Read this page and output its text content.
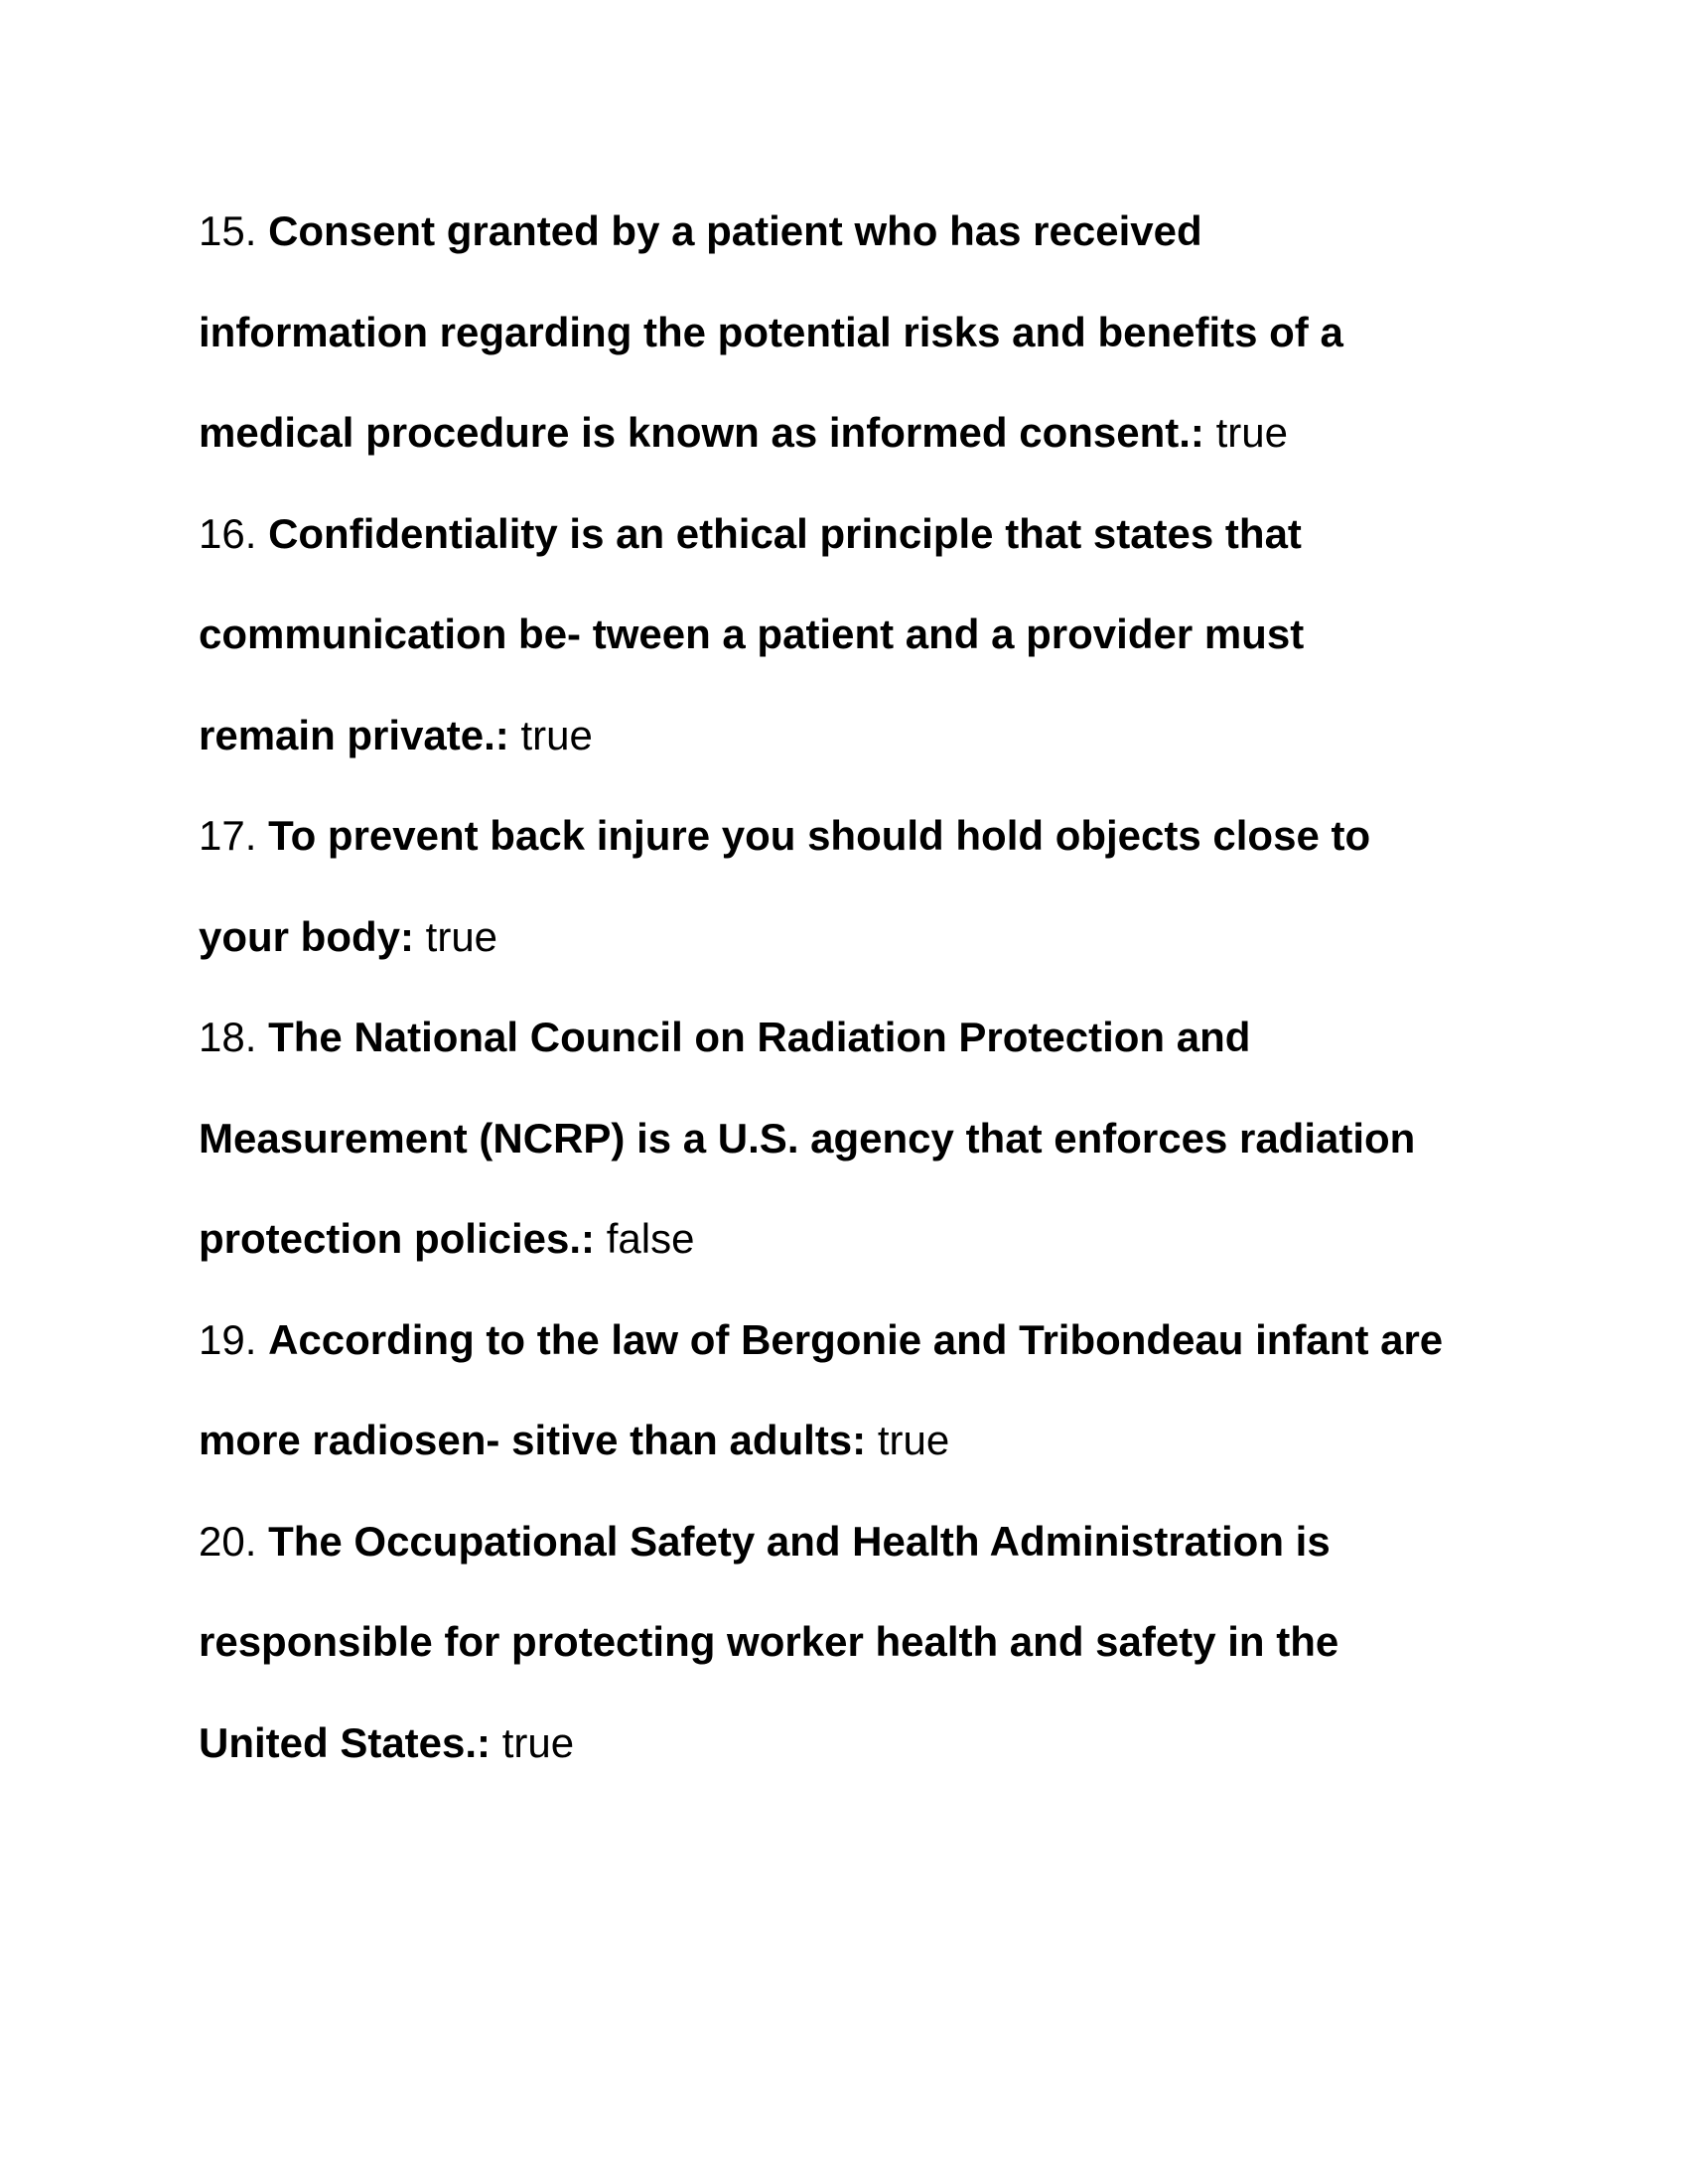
15. Consent granted by a patient who has received
information regarding the potential risks and benefits of a
medical procedure is known as informed consent.: true
16. Confidentiality is an ethical principle that states that
communication be- tween a patient and a provider must
remain private.: true
17. To prevent back injure you should hold objects close to
your body: true
18. The National Council on Radiation Protection and
Measurement (NCRP) is a U.S. agency that enforces radiation
protection policies.: false
19. According to the law of Bergonie and Tribondeau infant are
more radiosen- sitive than adults: true
20. The Occupational Safety and Health Administration is
responsible for protecting worker health and safety in the
United States.: true
